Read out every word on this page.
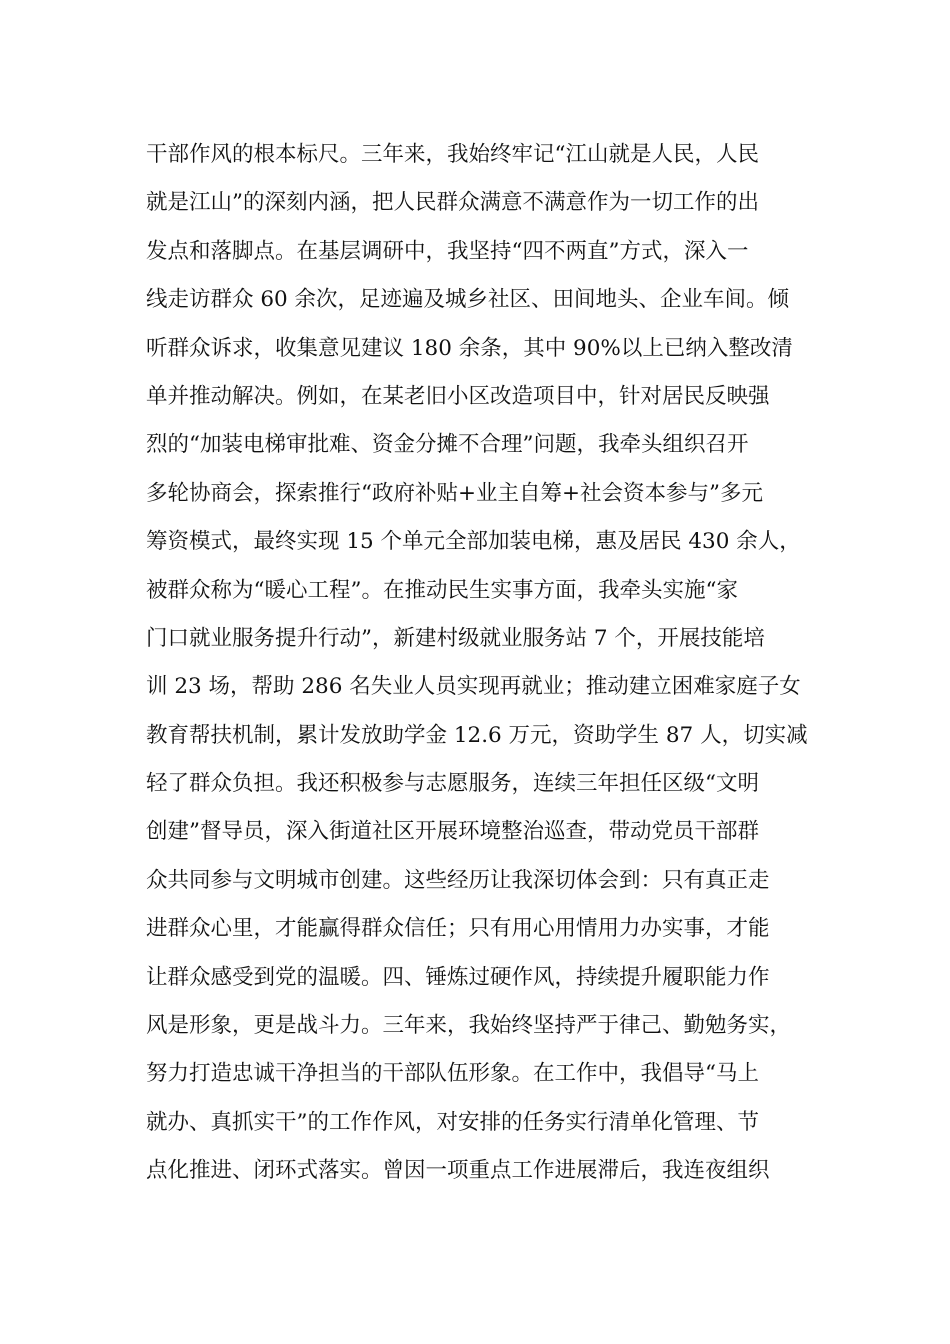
干部作风的根本标尺。三年来，我始终牢记“江山就是人民，人民
就是江山”的深刻内涵，把人民群众满意不满意作为一切工作的出
发点和落脚点。在基层调研中，我坚持“四不两直”方式，深入一
线走访群众 60 余次，足迹遍及城乡社区、田间地头、企业车间。倾
听群众诉求，收集意见建议 180 余条，其中 90%以上已纳入整改清
单并推动解决。例如，在某老旧小区改造项目中，针对居民反映强
烈的“加装电梯审批难、资金分摊不合理”问题，我牵头组织召开
多轮协商会，探索推行“政府补贴+业主自筹+社会资本参与”多元
筹资模式，最终实现 15 个单元全部加装电梯，惠及居民 430 余人，
被群众称为“暖心工程”。在推动民生实事方面，我牵头实施“家
门口就业服务提升行动”，新建村级就业服务站 7 个，开展技能培
训 23 场，帮助 286 名失业人员实现再就业；推动建立困难家庭子女
教育帮扶机制，累计发放助学金 12.6 万元，资助学生 87 人，切实减
轻了群众负担。我还积极参与志愿服务，连续三年担任区级“文明
创建”督导员，深入街道社区开展环境整治巡查，带动党员干部群
众共同参与文明城市创建。这些经历让我深切体会到：只有真正走
进群众心里，才能赢得群众信任；只有用心用情用力办实事，才能
让群众感受到党的温暖。四、锤炼过硬作风，持续提升履职能力作
风是形象，更是战斗力。三年来，我始终坚持严于律己、勤勉务实，
努力打造忠诚干净担当的干部队伍形象。在工作中，我倡导“马上
就办、真抓实干”的工作作风，对安排的任务实行清单化管理、节
点化推进、闭环式落实。曾因一项重点工作进展滞后，我连夜组织
